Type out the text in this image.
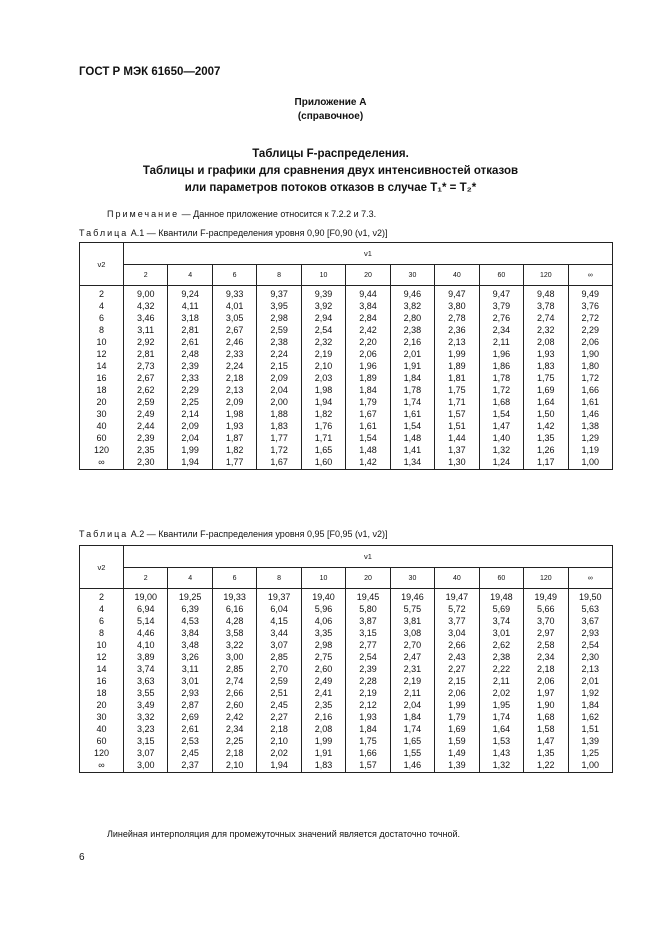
ГОСТ Р МЭК 61650—2007
Приложение А
(справочное)
Таблицы F-распределения.
Таблицы и графики для сравнения двух интенсивностей отказов
или параметров потоков отказов в случае T₁* = T₂*
Примечание — Данное приложение относится к 7.2.2 и 7.3.
Таблица А.1 — Квантили F-распределения уровня 0,90 [F0,90 (ν1, ν2)]
ν2	ν1										
	2	4	6	8	10	20	30	40	60	120	∞
2	9,00	9,24	9,33	9,37	9,39	9,44	9,46	9,47	9,47	9,48	9,49
4	4,32	4,11	4,01	3,95	3,92	3,84	3,82	3,80	3,79	3,78	3,76
6	3,46	3,18	3,05	2,98	2,94	2,84	2,80	2,78	2,76	2,74	2,72
8	3,11	2,81	2,67	2,59	2,54	2,42	2,38	2,36	2,34	2,32	2,29
10	2,92	2,61	2,46	2,38	2,32	2,20	2,16	2,13	2,11	2,08	2,06
12	2,81	2,48	2,33	2,24	2,19	2,06	2,01	1,99	1,96	1,93	1,90
14	2,73	2,39	2,24	2,15	2,10	1,96	1,91	1,89	1,86	1,83	1,80
16	2,67	2,33	2,18	2,09	2,03	1,89	1,84	1,81	1,78	1,75	1,72
18	2,62	2,29	2,13	2,04	1,98	1,84	1,78	1,75	1,72	1,69	1,66
20	2,59	2,25	2,09	2,00	1,94	1,79	1,74	1,71	1,68	1,64	1,61
30	2,49	2,14	1,98	1,88	1,82	1,67	1,61	1,57	1,54	1,50	1,46
40	2,44	2,09	1,93	1,83	1,76	1,61	1,54	1,51	1,47	1,42	1,38
60	2,39	2,04	1,87	1,77	1,71	1,54	1,48	1,44	1,40	1,35	1,29
120	2,35	1,99	1,82	1,72	1,65	1,48	1,41	1,37	1,32	1,26	1,19
∞	2,30	1,94	1,77	1,67	1,60	1,42	1,34	1,30	1,24	1,17	1,00
Таблица А.2 — Квантили F-распределения уровня 0,95 [F0,95 (ν1, ν2)]
ν2	ν1										
	2	4	6	8	10	20	30	40	60	120	∞
2	19,00	19,25	19,33	19,37	19,40	19,45	19,46	19,47	19,48	19,49	19,50
4	6,94	6,39	6,16	6,04	5,96	5,80	5,75	5,72	5,69	5,66	5,63
6	5,14	4,53	4,28	4,15	4,06	3,87	3,81	3,77	3,74	3,70	3,67
8	4,46	3,84	3,58	3,44	3,35	3,15	3,08	3,04	3,01	2,97	2,93
10	4,10	3,48	3,22	3,07	2,98	2,77	2,70	2,66	2,62	2,58	2,54
12	3,89	3,26	3,00	2,85	2,75	2,54	2,47	2,43	2,38	2,34	2,30
14	3,74	3,11	2,85	2,70	2,60	2,39	2,31	2,27	2,22	2,18	2,13
16	3,63	3,01	2,74	2,59	2,49	2,28	2,19	2,15	2,11	2,06	2,01
18	3,55	2,93	2,66	2,51	2,41	2,19	2,11	2,06	2,02	1,97	1,92
20	3,49	2,87	2,60	2,45	2,35	2,12	2,04	1,99	1,95	1,90	1,84
30	3,32	2,69	2,42	2,27	2,16	1,93	1,84	1,79	1,74	1,68	1,62
40	3,23	2,61	2,34	2,18	2,08	1,84	1,74	1,69	1,64	1,58	1,51
60	3,15	2,53	2,25	2,10	1,99	1,75	1,65	1,59	1,53	1,47	1,39
120	3,07	2,45	2,18	2,02	1,91	1,66	1,55	1,49	1,43	1,35	1,25
∞	3,00	2,37	2,10	1,94	1,83	1,57	1,46	1,39	1,32	1,22	1,00
Линейная интерполяция для промежуточных значений является достаточно точной.
6
